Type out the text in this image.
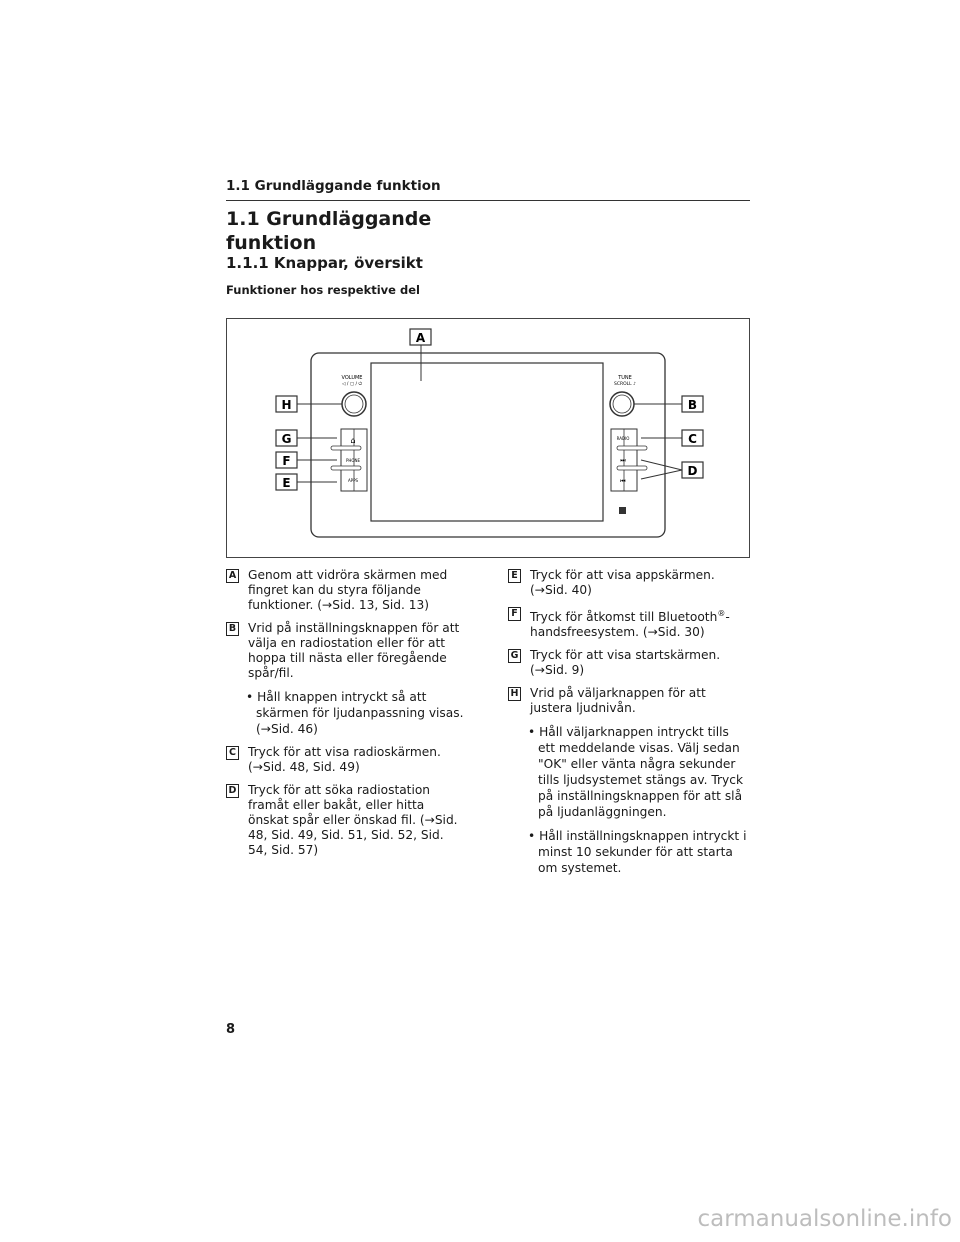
1.1 Grundläggande funktion
1.1 Grundläggande funktion
1.1.1 Knappar, översikt
Funktioner hos respektive del
VOLUME
◁ / ▢ / ⏻
TUNE
SCROLL ♪
⌂
PHONE
APPS
RADIO
⏭
⏮
A
B
C
D
E
F
G
H
A Genom att vidröra skärmen med fingret kan du styra följande funktioner. (→Sid. 13, Sid. 13)
B Vrid på inställningsknappen för att välja en radiostation eller för att hoppa till nästa eller föregående spår/fil.
• Håll knappen intryckt så att skärmen för ljudanpassning visas. (→Sid. 46)
C Tryck för att visa radioskärmen. (→Sid. 48, Sid. 49)
D Tryck för att söka radiostation framåt eller bakåt, eller hitta önskat spår eller önskad fil. (→Sid. 48, Sid. 49, Sid. 51, Sid. 52, Sid. 54, Sid. 57)
E Tryck för att visa appskärmen. (→Sid. 40)
F Tryck för åtkomst till Bluetooth®-handsfreesystem. (→Sid. 30)
G Tryck för att visa startskärmen. (→Sid. 9)
H Vrid på väljarknappen för att justera ljudnivån.
• Håll väljarknappen intryckt tills ett meddelande visas. Välj sedan "OK" eller vänta några sekunder tills ljudsystemet stängs av. Tryck på inställningsknappen för att slå på ljudanläggningen.
• Håll inställningsknappen intryckt i minst 10 sekunder för att starta om systemet.
8
carmanualsonline.info
